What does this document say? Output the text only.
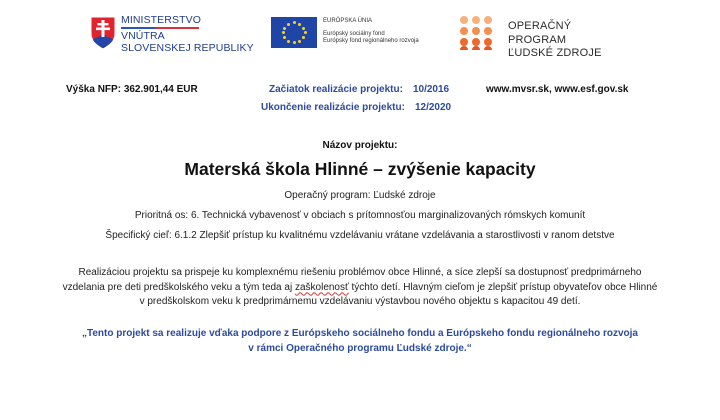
MINISTERSTVO
VNÚTRA
SLOVENSKEJ REPUBLIKY
EURÓPSKA ÚNIA
Európsky sociálny fond
Európsky fond regionálneho rozvoja
OPERAČNÝ PROGRAM
ĽUDSKÉ ZDROJE
Výška NFP: 362.901,44 EUR	Začiatok realizácie projektu: 10/2016
Ukončenie realizácie projektu: 12/2020
www.mvsr.sk, www.esf.gov.sk
Názov projektu:
Materská škola Hlinné – zvýšenie kapacity
Operačný program: Ľudské zdroje
Prioritná os: 6. Technická vybavenosť v obciach s prítomnosťou marginalizovaných rómskych komunít
Špecifický cieľ: 6.1.2 Zlepšiť prístup ku kvalitnému vzdelávaniu vrátane vzdelávania a starostlivosti v ranom detstve
Realizáciou projektu sa prispeje ku komplexnému riešeniu problémov obce Hlinné, a síce zlepší sa dostupnosť predprimárneho vzdelania pre deti predškolského veku a tým teda aj zaškolenosť týchto detí. Hlavným cieľom je zlepšiť prístup obyvateľov obce Hlinné v predškolskom veku k predprimárnemu vzdelávaniu výstavbou nového objektu s kapacitou 49 detí.
„Tento projekt sa realizuje vďaka podpore z Európskeho sociálneho fondu a Európskeho fondu regionálneho rozvoja
v rámci Operačného programu Ľudské zdroje.“
